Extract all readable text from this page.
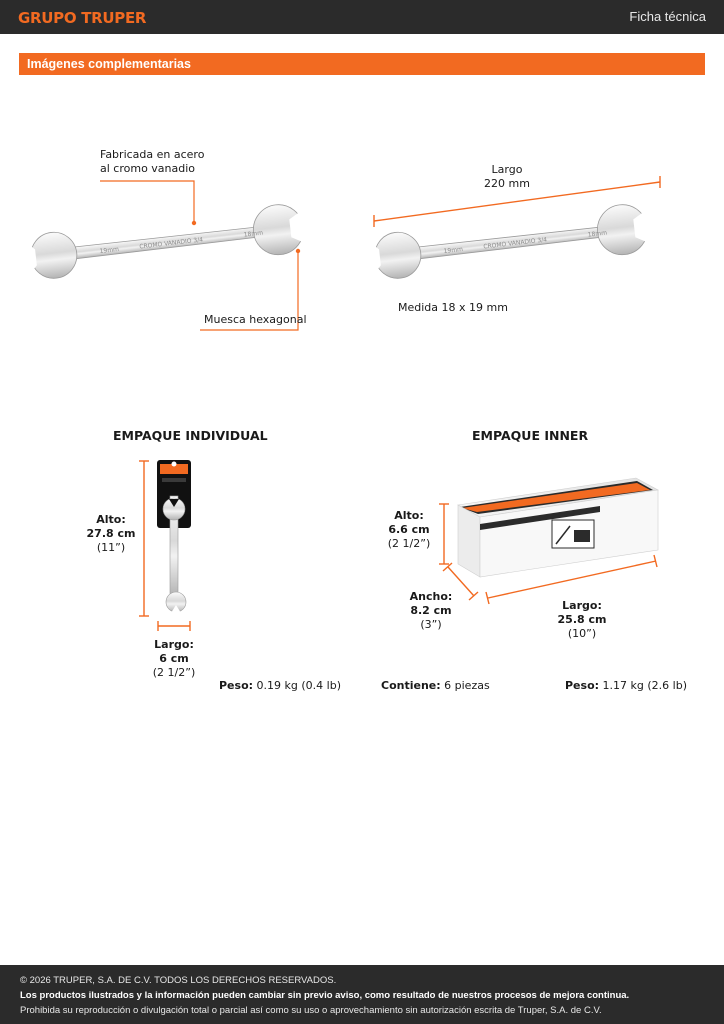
GRUPO TRUPER	Ficha técnica
Imágenes complementarias
19mm	CROMO VANADIO 3/4
18mm
19mm	CROMO VANADIO 3/4
18mm
Fabricada en acero
al cromo vanadio
Muesca hexagonal
Largo
220 mm
Medida 18 x 19 mm
EMPAQUE INDIVIDUAL	EMPAQUE INNER
Alto:
27.8 cm
(11”)
Largo:
6 cm
(2 1/2”)
Peso: 0.19 kg (0.4 lb)
Alto:
6.6 cm
(2 1/2”)
Ancho:
8.2 cm
(3”)
Largo:
25.8 cm
(10”)
Contiene: 6 piezas	Peso: 1.17 kg (2.6 lb)
© 2026 TRUPER, S.A. DE C.V. TODOS LOS DERECHOS RESERVADOS.
Los productos ilustrados y la información pueden cambiar sin previo aviso, como resultado de nuestros procesos de mejora continua.
Prohibida su reproducción o divulgación total o parcial así como su uso o aprovechamiento sin autorización escrita de Truper, S.A. de C.V.
